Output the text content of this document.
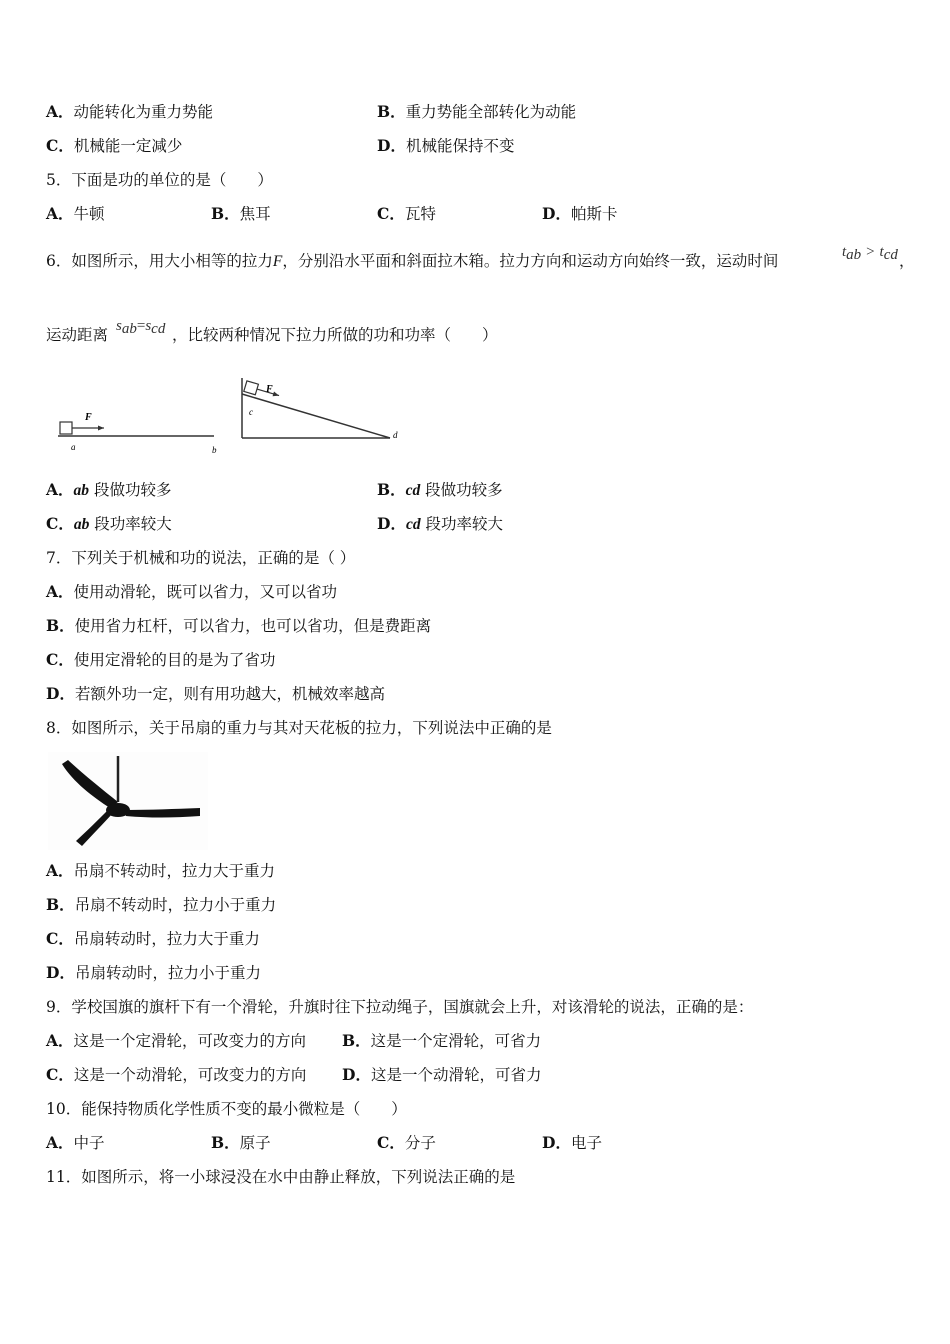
A．动能转化为重力势能	B．重力势能全部转化为动能
C．机械能一定减少	D．机械能保持不变
5．下面是功的单位的是（　　）
A．牛顿	B．焦耳	C．瓦特	D．帕斯卡
6．如图所示，用大小相等的拉力F，分别沿水平面和斜面拉木箱。拉力方向和运动方向始终一致，运动时间	tab > tcd ，
运动距离 sab=scd ，比较两种情况下拉力所做的功和功率（　　）
F
a	b
F
c
d
A．ab 段做功较多	B．cd 段做功较多
C．ab 段功率较大	D．cd 段功率较大
7．下列关于机械和功的说法，正确的是（ ）
A．使用动滑轮，既可以省力，又可以省功
B．使用省力杠杆，可以省力，也可以省功，但是费距离
C．使用定滑轮的目的是为了省功
D．若额外功一定，则有用功越大，机械效率越高
8．如图所示，关于吊扇的重力与其对天花板的拉力，下列说法中正确的是
A．吊扇不转动时，拉力大于重力
B．吊扇不转动时，拉力小于重力
C．吊扇转动时，拉力大于重力
D．吊扇转动时，拉力小于重力
9．学校国旗的旗杆下有一个滑轮，升旗时往下拉动绳子，国旗就会上升，对该滑轮的说法，正确的是：
A．这是一个定滑轮，可改变力的方向 B．这是一个定滑轮，可省力
C．这是一个动滑轮，可改变力的方向 D．这是一个动滑轮，可省力
10．能保持物质化学性质不变的最小微粒是（　　）
A．中子	B．原子	C．分子	D．电子
11．如图所示，将一小球浸没在水中由静止释放，下列说法正确的是
